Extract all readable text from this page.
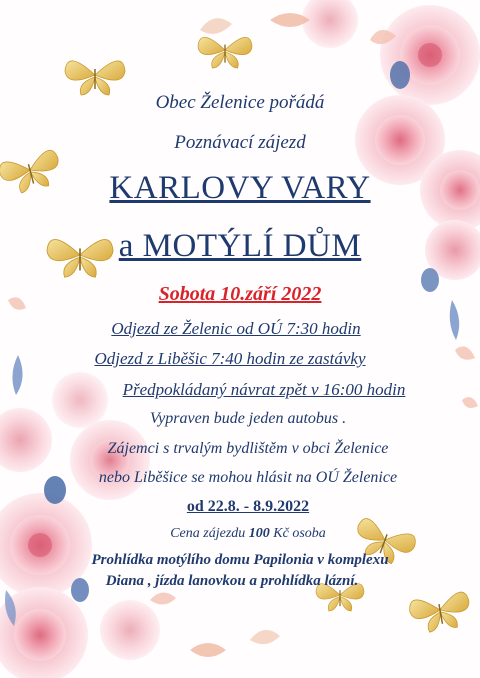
Obec Želenice pořádá
Poznávací zájezd
KARLOVY VARY
a MOTÝLÍ DŮM
Sobota 10.září 2022
Odjezd ze Želenic od OÚ 7:30 hodin
Odjezd z Liběšic 7:40 hodin ze zastávky
Předpokládaný návrat zpět v 16:00 hodin
Vypraven bude jeden autobus .
Zájemci s trvalým bydlištěm v obci Želenice
nebo Liběšice se mohou hlásit na OÚ Želenice
od 22.8. - 8.9.2022
Cena zájezdu 100 Kč osoba
Prohlídka motýlího domu Papilonia v komplexu
Diana , jízda lanovkou a prohlídka lázní.
